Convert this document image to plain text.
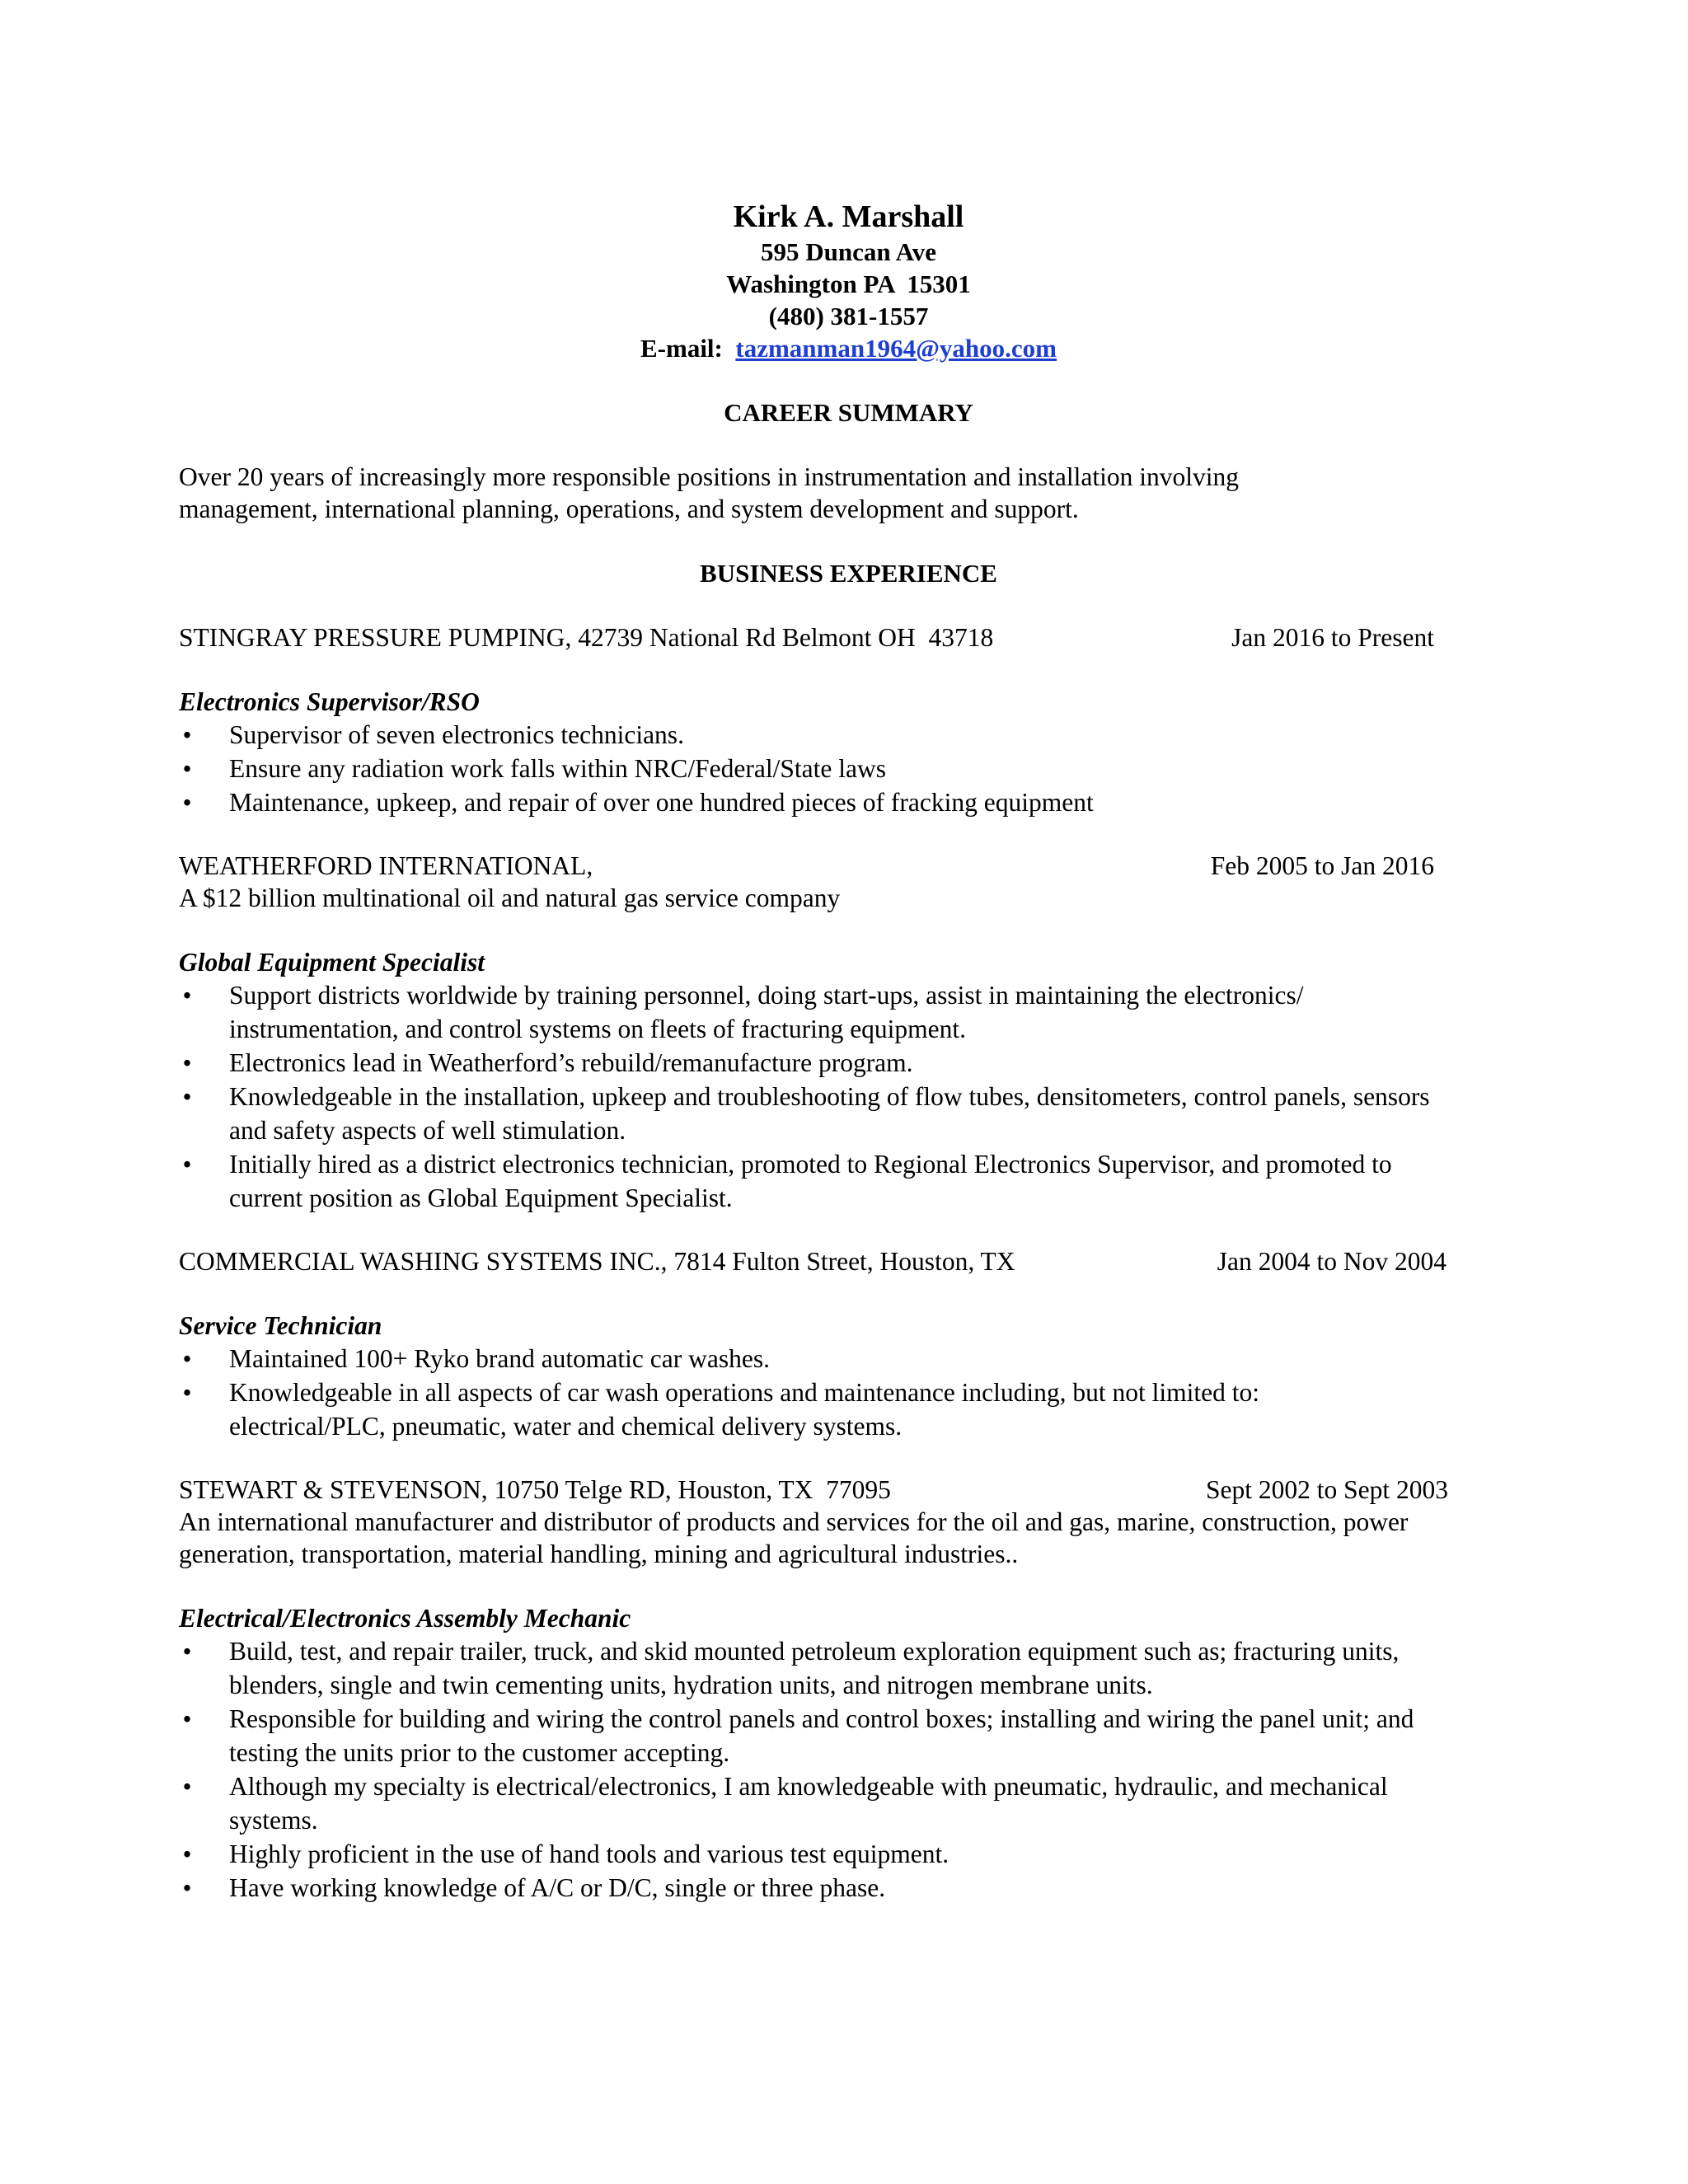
Kirk A. Marshall

595 Duncan Ave

Washington PA  15301

(480) 381-1557

E-mail: tazmanman1964@yahoo.com

CAREER SUMMARY

Over 20 years of increasingly more responsible positions in instrumentation and installation involving management, international planning, operations, and system development and support.

BUSINESS EXPERIENCE

STINGRAY PRESSURE PUMPING, 42739 National Rd Belmont OH  43718	Jan 2016 to Present

Electronics Supervisor/RSO

• Supervisor of seven electronics technicians.
• Ensure any radiation work falls within NRC/Federal/State laws
• Maintenance, upkeep, and repair of over one hundred pieces of fracking equipment
WEATHERFORD INTERNATIONAL,	Feb 2005 to Jan 2016

A $12 billion multinational oil and natural gas service company

Global Equipment Specialist

• Support districts worldwide by training personnel, doing start-ups, assist in maintaining the electronics/ instrumentation, and control systems on fleets of fracturing equipment.
• Electronics lead in Weatherford’s rebuild/remanufacture program.
• Knowledgeable in the installation, upkeep and troubleshooting of flow tubes, densitometers, control panels, sensors and safety aspects of well stimulation.
• Initially hired as a district electronics technician, promoted to Regional Electronics Supervisor, and promoted to current position as Global Equipment Specialist.
COMMERCIAL WASHING SYSTEMS INC., 7814 Fulton Street, Houston, TX	Jan 2004 to Nov 2004

Service Technician

• Maintained 100+ Ryko brand automatic car washes.
• Knowledgeable in all aspects of car wash operations and maintenance including, but not limited to: electrical/PLC, pneumatic, water and chemical delivery systems.
STEWART & STEVENSON, 10750 Telge RD, Houston, TX  77095	Sept 2002 to Sept 2003

An international manufacturer and distributor of products and services for the oil and gas, marine, construction, power generation, transportation, material handling, mining and agricultural industries..

Electrical/Electronics Assembly Mechanic

• Build, test, and repair trailer, truck, and skid mounted petroleum exploration equipment such as; fracturing units, blenders, single and twin cementing units, hydration units, and nitrogen membrane units.
• Responsible for building and wiring the control panels and control boxes; installing and wiring the panel unit; and testing the units prior to the customer accepting.
• Although my specialty is electrical/electronics, I am knowledgeable with pneumatic, hydraulic, and mechanical systems.
• Highly proficient in the use of hand tools and various test equipment.
• Have working knowledge of A/C or D/C, single or three phase.
